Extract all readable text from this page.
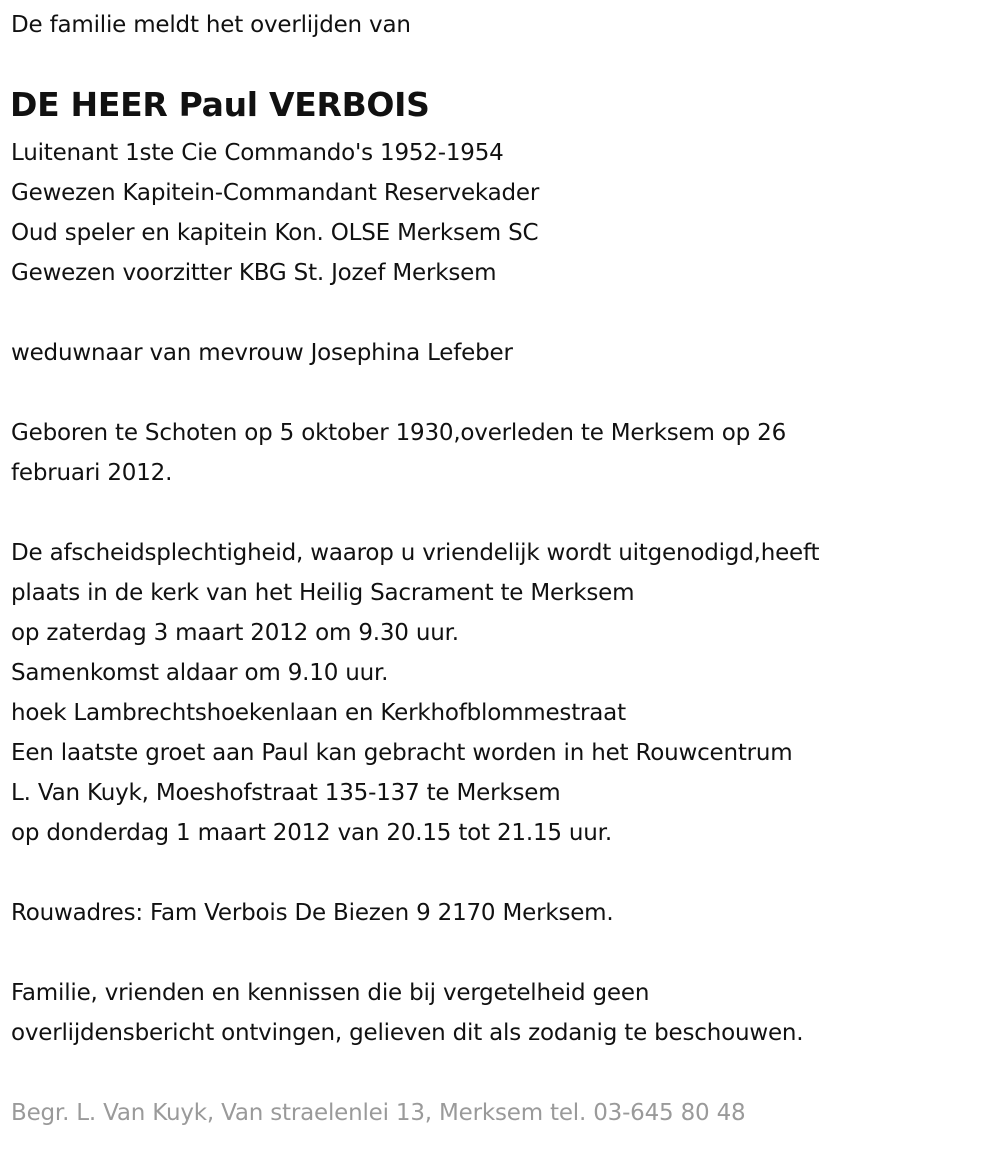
De familie meldt het overlijden van
DE HEER Paul VERBOIS
Luitenant 1ste Cie Commando's 1952-1954
Gewezen Kapitein-Commandant Reservekader
Oud speler en kapitein Kon. OLSE Merksem SC
Gewezen voorzitter KBG St. Jozef Merksem
weduwnaar van mevrouw Josephina Lefeber
Geboren te Schoten op 5 oktober 1930,overleden te Merksem op 26
februari 2012.
De afscheidsplechtigheid, waarop u vriendelijk wordt uitgenodigd,heeft
plaats in de kerk van het Heilig Sacrament te Merksem
op zaterdag 3 maart 2012 om 9.30 uur.
Samenkomst aldaar om 9.10 uur.
hoek Lambrechtshoekenlaan en Kerkhofblommestraat
Een laatste groet aan Paul kan gebracht worden in het Rouwcentrum
L. Van Kuyk, Moeshofstraat 135-137 te Merksem
op donderdag 1 maart 2012 van 20.15 tot 21.15 uur.
Rouwadres: Fam Verbois De Biezen 9 2170 Merksem.
Familie, vrienden en kennissen die bij vergetelheid geen
overlijdensbericht ontvingen, gelieven dit als zodanig te beschouwen.
Begr. L. Van Kuyk, Van straelenlei 13, Merksem tel. 03-645 80 48
